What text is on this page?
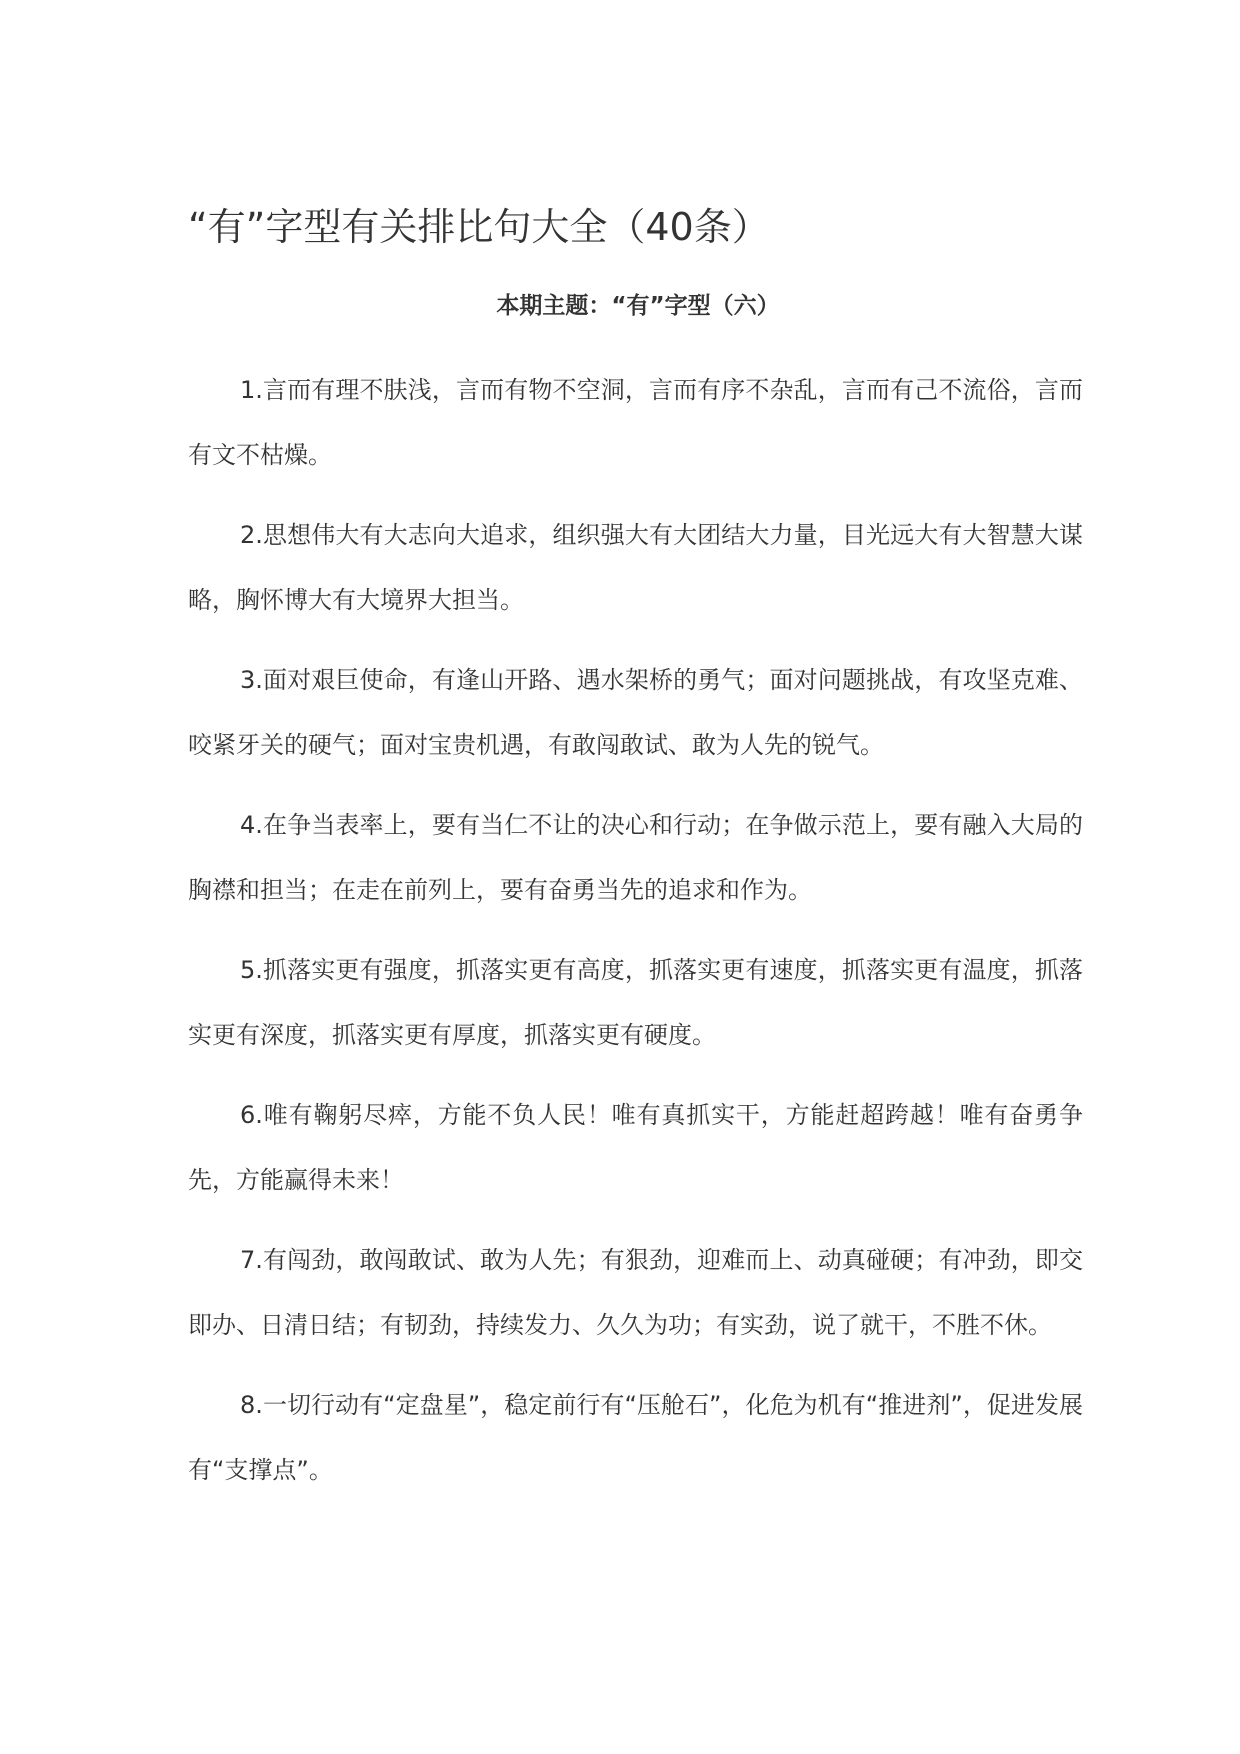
“有”字型有关排比句大全（40条）
本期主题：“有”字型（六）

1.言而有理不肤浅，言而有物不空洞，言而有序不杂乱，言而有己不流俗，言而有文不枯燥。

2.思想伟大有大志向大追求，组织强大有大团结大力量，目光远大有大智慧大谋略，胸怀博大有大境界大担当。

3.面对艰巨使命，有逢山开路、遇水架桥的勇气；面对问题挑战，有攻坚克难、咬紧牙关的硬气；面对宝贵机遇，有敢闯敢试、敢为人先的锐气。

4.在争当表率上，要有当仁不让的决心和行动；在争做示范上，要有融入大局的胸襟和担当；在走在前列上，要有奋勇当先的追求和作为。

5.抓落实更有强度，抓落实更有高度，抓落实更有速度，抓落实更有温度，抓落实更有深度，抓落实更有厚度，抓落实更有硬度。

6.唯有鞠躬尽瘁，方能不负人民！唯有真抓实干，方能赶超跨越！唯有奋勇争先，方能赢得未来！

7.有闯劲，敢闯敢试、敢为人先；有狠劲，迎难而上、动真碰硬；有冲劲，即交即办、日清日结；有韧劲，持续发力、久久为功；有实劲，说了就干，不胜不休。

8.一切行动有“定盘星”，稳定前行有“压舱石”，化危为机有“推进剂”，促进发展有“支撑点”。
